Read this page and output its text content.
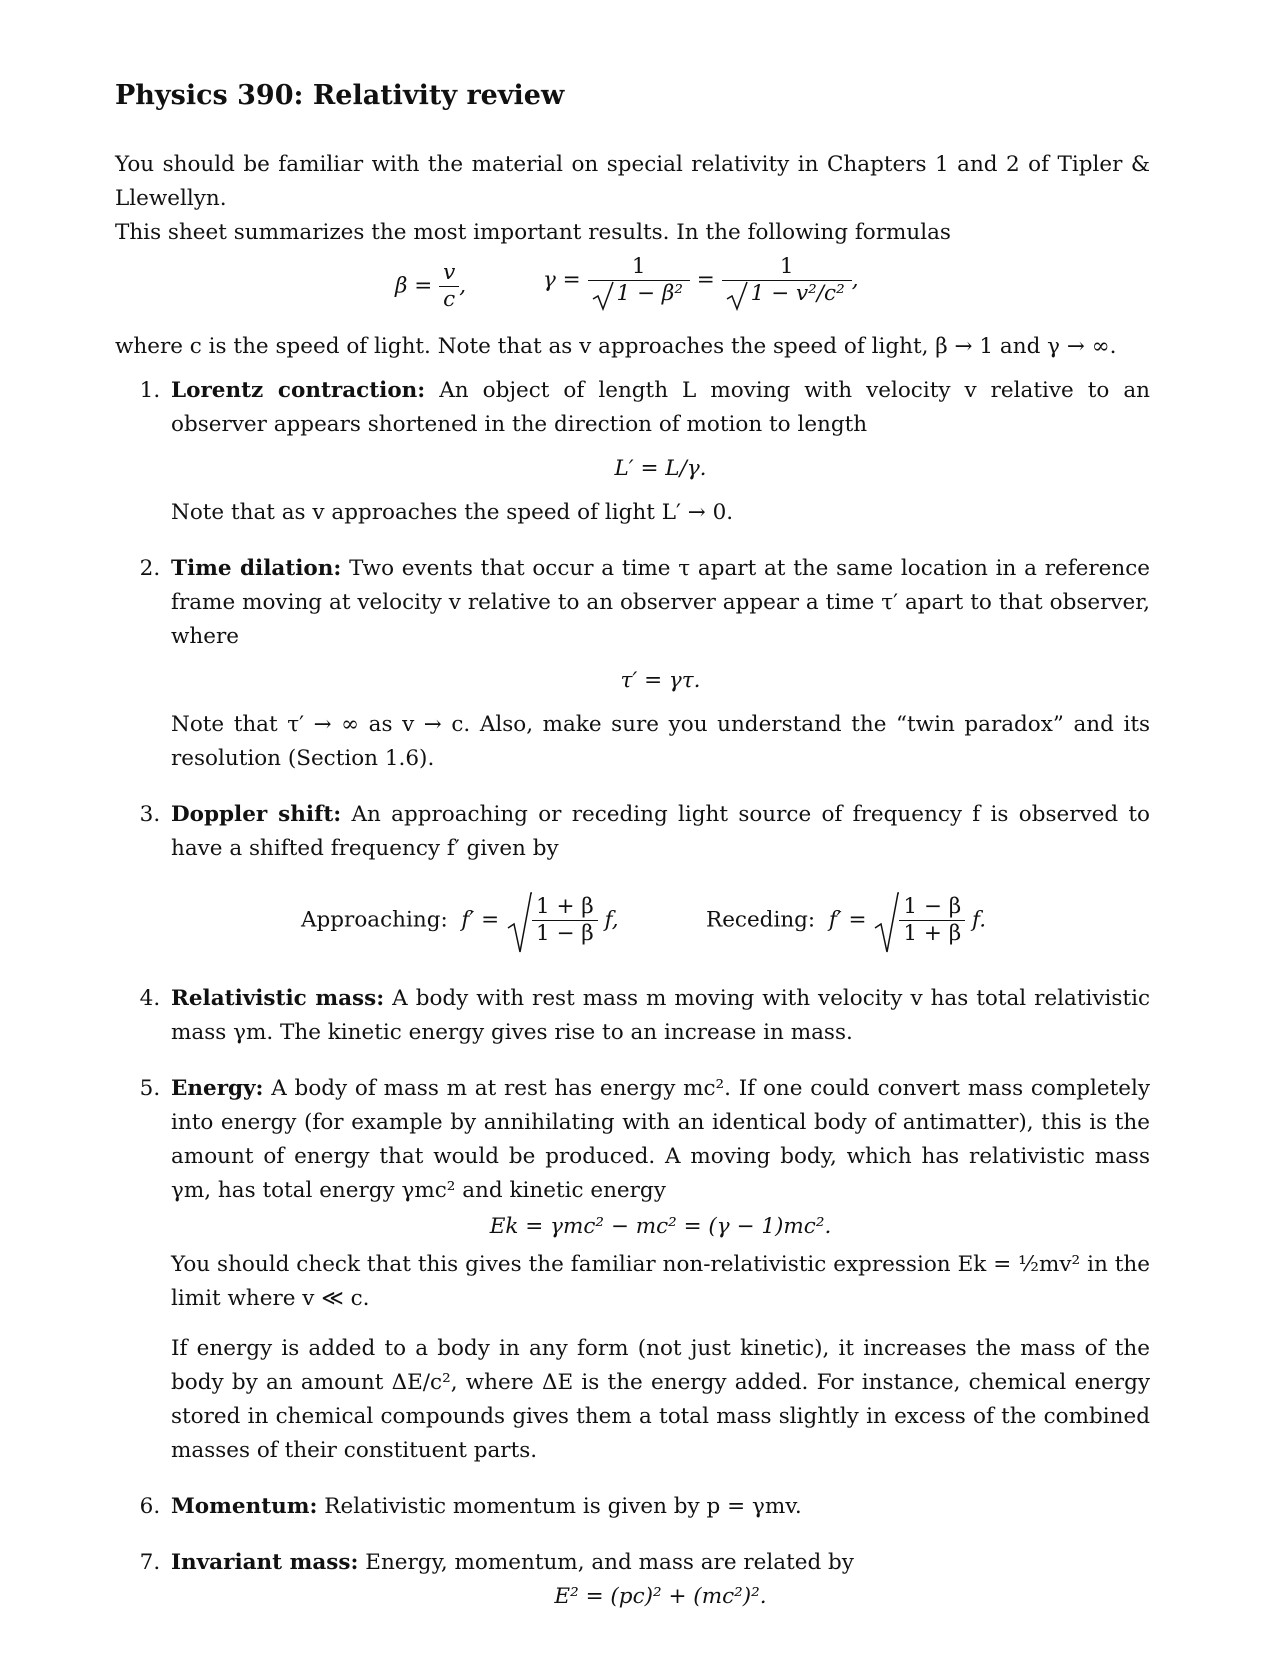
Physics 390: Relativity review

You should be familiar with the material on special relativity in Chapters 1 and 2 of Tipler & Llewellyn.

This sheet summarizes the most important results. In the following formulas

$\beta = \frac{v}{c}$ ,	$\gamma = \frac{1}{\text{1 − β²}} = \frac{1}{\text{1 − v²/c²}}$ ,

where c is the speed of light. Note that as v approaches the speed of light, β → 1 and γ → ∞.

1. Lorentz contraction: An object of length L moving with velocity v relative to an observer appears shortened in the direction of motion to length

L′ = L/γ.

Note that as v approaches the speed of light L′ → 0.

2. Time dilation: Two events that occur a time τ apart at the same location in a reference frame moving at velocity v relative to an observer appear a time τ′ apart to that observer, where

τ′ = γτ.

Note that τ′ → ∞ as v → c. Also, make sure you understand the “twin paradox” and its resolution (Section 1.6).

3. Doppler shift: An approaching or receding light source of frequency f is observed to have a shifted frequency f′ given by

Approaching: $f' = \frac{1 + \beta}{1 - \beta} f$,	Receding: $f' = \frac{1 - \beta}{1 + \beta} f$.

4. Relativistic mass: A body with rest mass m moving with velocity v has total relativistic mass γm. The kinetic energy gives rise to an increase in mass.

5. Energy: A body of mass m at rest has energy mc². If one could convert mass completely into energy (for example by annihilating with an identical body of antimatter), this is the amount of energy that would be produced. A moving body, which has relativistic mass γm, has total energy γmc² and kinetic energy

Ek = γmc² − mc² = (γ − 1)mc².

You should check that this gives the familiar non-relativistic expression Ek = ½mv² in the limit where v ≪ c.

If energy is added to a body in any form (not just kinetic), it increases the mass of the body by an amount ΔE/c², where ΔE is the energy added. For instance, chemical energy stored in chemical compounds gives them a total mass slightly in excess of the combined masses of their constituent parts.

6. Momentum: Relativistic momentum is given by p = γmv.

7. Invariant mass: Energy, momentum, and mass are related by

E² = (pc)² + (mc²)².
